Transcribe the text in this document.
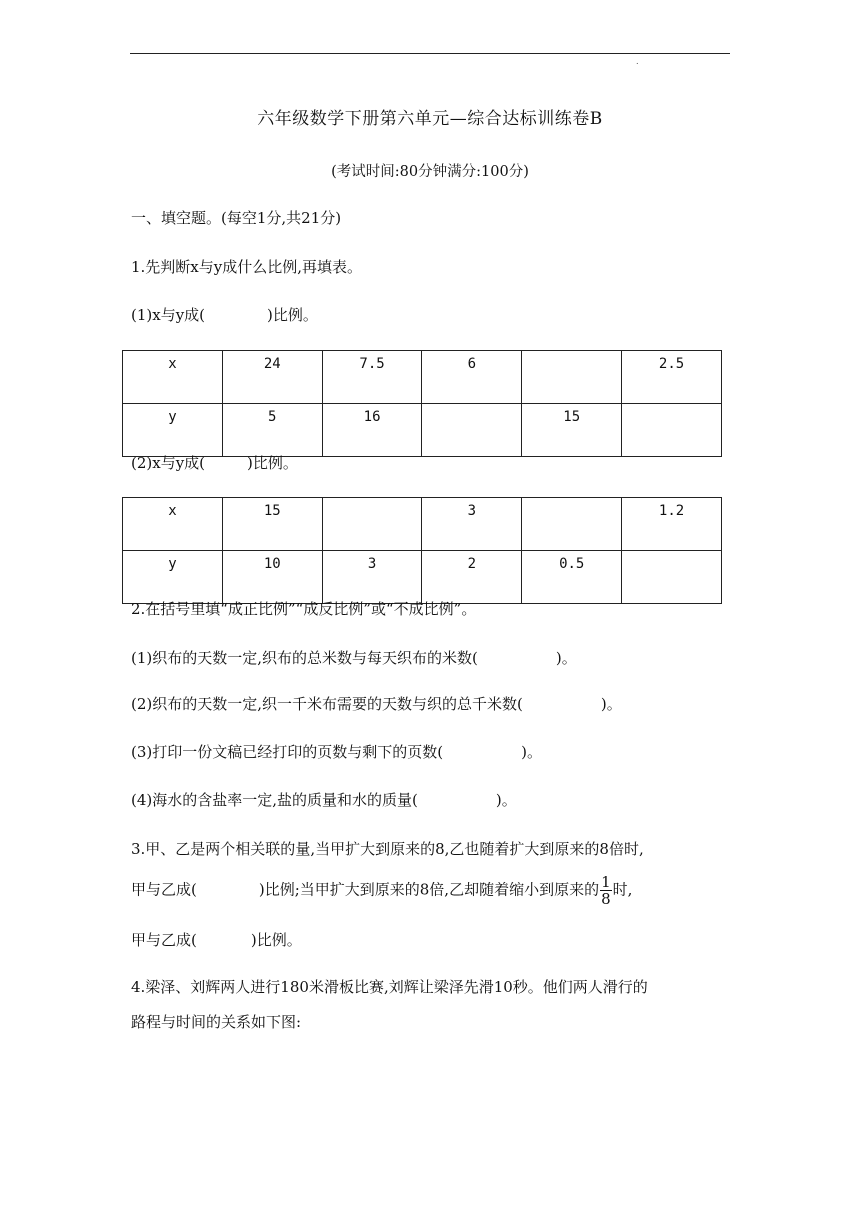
.
六年级数学下册第六单元—综合达标训练卷B
(考试时间:80分钟满分:100分)
一、填空题。(每空1分,共21分)
1.先判断x与y成什么比例,再填表。
(1)x与y成(	)比例。
x	24	7.5	6		2.5
y	5	16		15	
(2)x与y成(	)比例。
x	15		3		1.2
y	10	3	2	0.5	
2.在括号里填“成正比例”“成反比例”或“不成比例”。
(1)织布的天数一定,织布的总米数与每天织布的米数(	)。
(2)织布的天数一定,织一千米布需要的天数与织的总千米数(	)。
(3)打印一份文稿已经打印的页数与剩下的页数(	)。
(4)海水的含盐率一定,盐的质量和水的质量(	)。
3.甲、乙是两个相关联的量,当甲扩大到原来的8,乙也随着扩大到原来的8倍时,
甲与乙成(	)比例;当甲扩大到原来的8倍,乙却随着缩小到原来的 $\frac{1}{8}$ 时,
甲与乙成(	)比例。
4.梁泽、刘辉两人进行180米滑板比赛,刘辉让梁泽先滑10秒。他们两人滑行的
路程与时间的关系如下图:
